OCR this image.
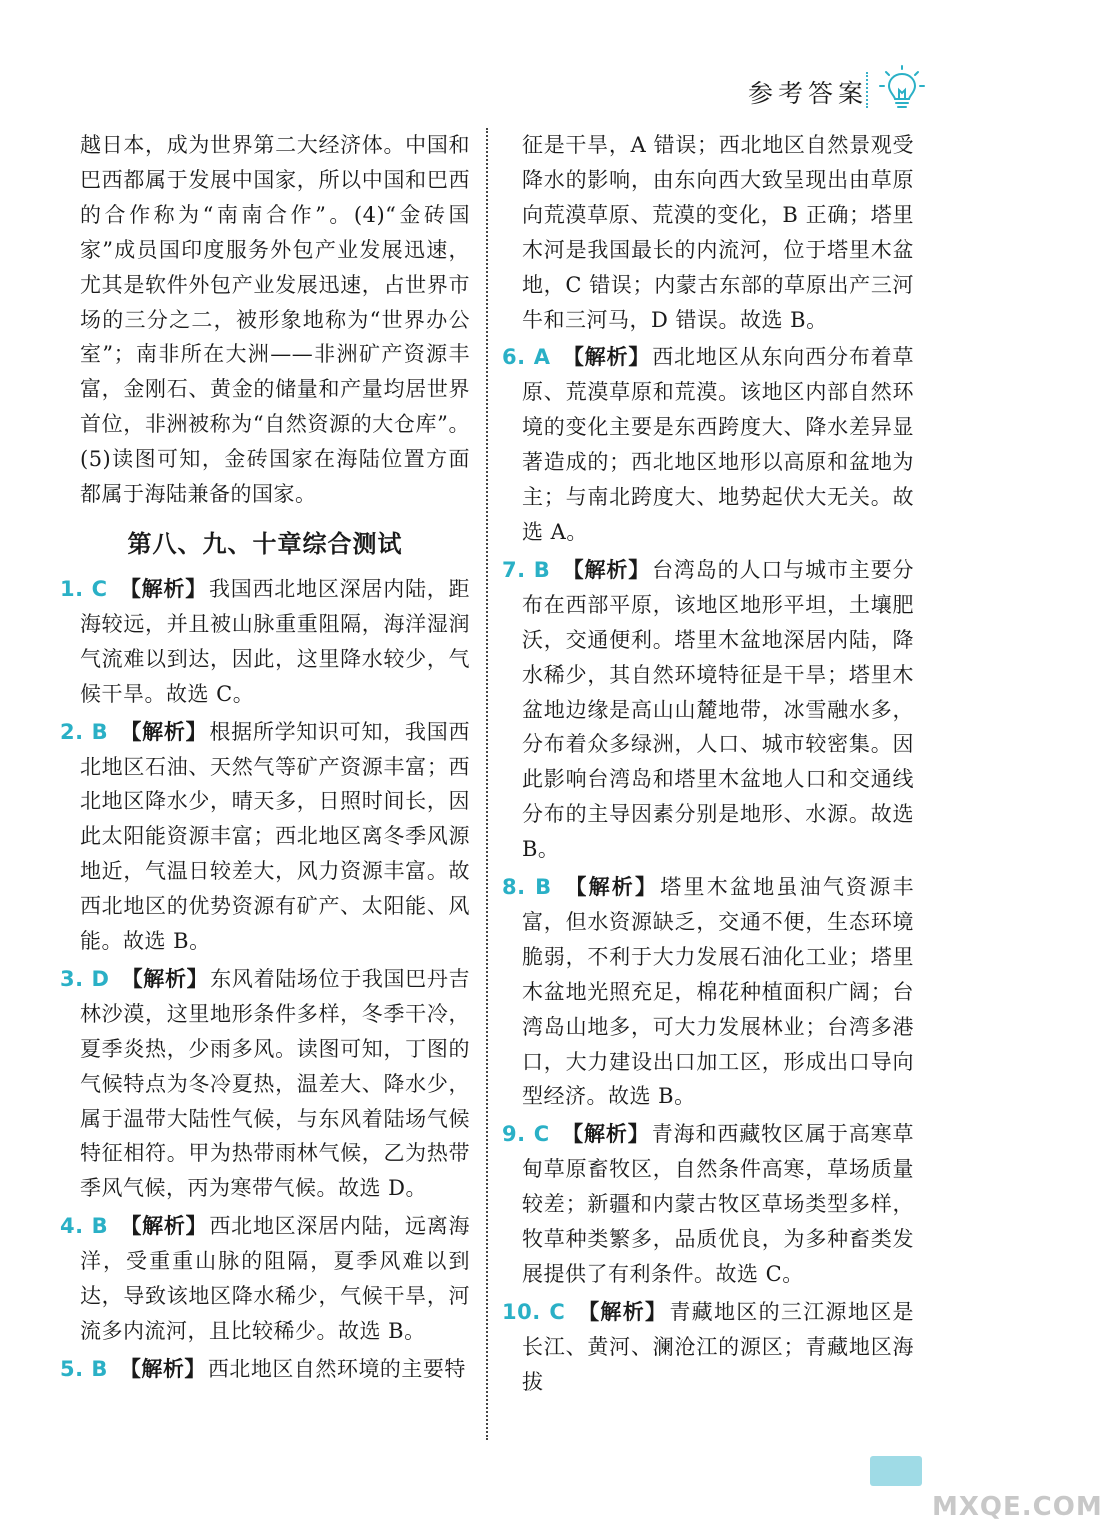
参考答案

越日本，成为世界第二大经济体。中国和巴西都属于发展中国家，所以中国和巴西的合作称为“南南合作”。(4)“金砖国家”成员国印度服务外包产业发展迅速，尤其是软件外包产业发展迅速，占世界市场的三分之二，被形象地称为“世界办公室”；南非所在大洲——非洲矿产资源丰富，金刚石、黄金的储量和产量均居世界首位，非洲被称为“自然资源的大仓库”。(5)读图可知，金砖国家在海陆位置方面都属于海陆兼备的国家。

第八、九、十章综合测试

1. C 【解析】我国西北地区深居内陆，距海较远，并且被山脉重重阻隔，海洋湿润气流难以到达，因此，这里降水较少，气候干旱。故选 C。

2. B 【解析】根据所学知识可知，我国西北地区石油、天然气等矿产资源丰富；西北地区降水少，晴天多，日照时间长，因此太阳能资源丰富；西北地区离冬季风源地近，气温日较差大，风力资源丰富。故西北地区的优势资源有矿产、太阳能、风能。故选 B。

3. D 【解析】东风着陆场位于我国巴丹吉林沙漠，这里地形条件多样，冬季干冷，夏季炎热，少雨多风。读图可知，丁图的气候特点为冬冷夏热，温差大、降水少，属于温带大陆性气候，与东风着陆场气候特征相符。甲为热带雨林气候，乙为热带季风气候，丙为寒带气候。故选 D。

4. B 【解析】西北地区深居内陆，远离海洋，受重重山脉的阻隔，夏季风难以到达，导致该地区降水稀少，气候干旱，河流多内流河，且比较稀少。故选 B。

5. B 【解析】西北地区自然环境的主要特

征是干旱，A 错误；西北地区自然景观受降水的影响，由东向西大致呈现出由草原向荒漠草原、荒漠的变化，B 正确；塔里木河是我国最长的内流河，位于塔里木盆地，C 错误；内蒙古东部的草原出产三河牛和三河马，D 错误。故选 B。

6. A 【解析】西北地区从东向西分布着草原、荒漠草原和荒漠。该地区内部自然环境的变化主要是东西跨度大、降水差异显著造成的；西北地区地形以高原和盆地为主；与南北跨度大、地势起伏大无关。故选 A。

7. B 【解析】台湾岛的人口与城市主要分布在西部平原，该地区地形平坦，土壤肥沃，交通便利。塔里木盆地深居内陆，降水稀少，其自然环境特征是干旱；塔里木盆地边缘是高山山麓地带，冰雪融水多，分布着众多绿洲，人口、城市较密集。因此影响台湾岛和塔里木盆地人口和交通线分布的主导因素分别是地形、水源。故选 B。

8. B 【解析】塔里木盆地虽油气资源丰富，但水资源缺乏，交通不便，生态环境脆弱，不利于大力发展石油化工业；塔里木盆地光照充足，棉花种植面积广阔；台湾岛山地多，可大力发展林业；台湾多港口，大力建设出口加工区，形成出口导向型经济。故选 B。

9. C 【解析】青海和西藏牧区属于高寒草甸草原畜牧区，自然条件高寒，草场质量较差；新疆和内蒙古牧区草场类型多样，牧草种类繁多，品质优良，为多种畜类发展提供了有利条件。故选 C。

10. C 【解析】青藏地区的三江源地区是长江、黄河、澜沧江的源区；青藏地区海拔

MXQE.COM
